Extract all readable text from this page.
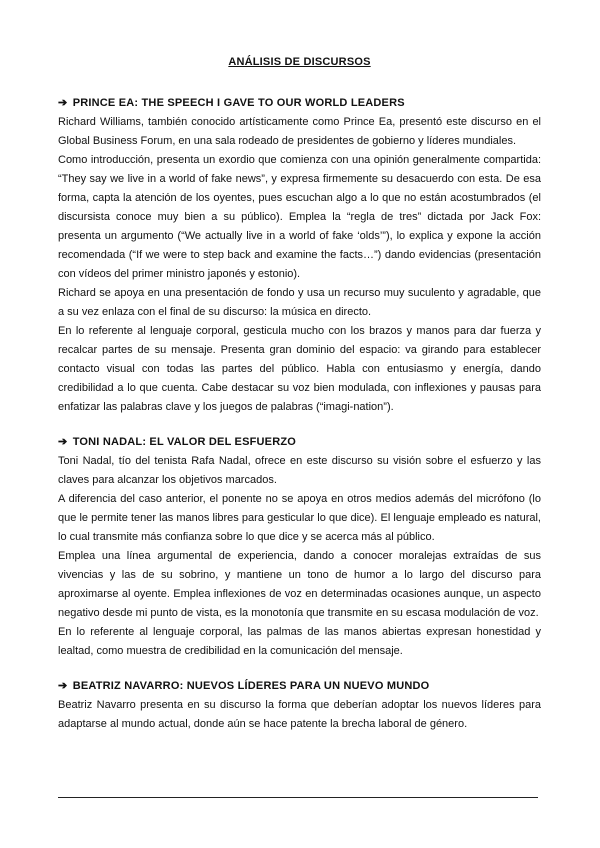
ANÁLISIS DE DISCURSOS
➔ PRINCE EA: THE SPEECH I GAVE TO OUR WORLD LEADERS

Richard Williams, también conocido artísticamente como Prince Ea, presentó este discurso en el Global Business Forum, en una sala rodeado de presidentes de gobierno y líderes mundiales.

Como introducción, presenta un exordio que comienza con una opinión generalmente compartida: “They say we live in a world of fake news”, y expresa firmemente su desacuerdo con esta. De esa forma, capta la atención de los oyentes, pues escuchan algo a lo que no están acostumbrados (el discursista conoce muy bien a su público). Emplea la “regla de tres” dictada por Jack Fox: presenta un argumento (“We actually live in a world of fake ‘olds’”), lo explica y expone la acción recomendada (“If we were to step back and examine the facts…”) dando evidencias (presentación con vídeos del primer ministro japonés y estonio).

Richard se apoya en una presentación de fondo y usa un recurso muy suculento y agradable, que a su vez enlaza con el final de su discurso: la música en directo.

En lo referente al lenguaje corporal, gesticula mucho con los brazos y manos para dar fuerza y recalcar partes de su mensaje. Presenta gran dominio del espacio: va girando para establecer contacto visual con todas las partes del público. Habla con entusiasmo y energía, dando credibilidad a lo que cuenta. Cabe destacar su voz bien modulada, con inflexiones y pausas para enfatizar las palabras clave y los juegos de palabras (“imagi-nation”).

➔ TONI NADAL: EL VALOR DEL ESFUERZO

Toni Nadal, tío del tenista Rafa Nadal, ofrece en este discurso su visión sobre el esfuerzo y las claves para alcanzar los objetivos marcados.

A diferencia del caso anterior, el ponente no se apoya en otros medios además del micrófono (lo que le permite tener las manos libres para gesticular lo que dice). El lenguaje empleado es natural, lo cual transmite más confianza sobre lo que dice y se acerca más al público.

Emplea una línea argumental de experiencia, dando a conocer moralejas extraídas de sus vivencias y las de su sobrino, y mantiene un tono de humor a lo largo del discurso para aproximarse al oyente. Emplea inflexiones de voz en determinadas ocasiones aunque, un aspecto negativo desde mi punto de vista, es la monotonía que transmite en su escasa modulación de voz.

En lo referente al lenguaje corporal, las palmas de las manos abiertas expresan honestidad y lealtad, como muestra de credibilidad en la comunicación del mensaje.

➔ BEATRIZ NAVARRO: NUEVOS LÍDERES PARA UN NUEVO MUNDO

Beatriz Navarro presenta en su discurso la forma que deberían adoptar los nuevos líderes para adaptarse al mundo actual, donde aún se hace patente la brecha laboral de género.
